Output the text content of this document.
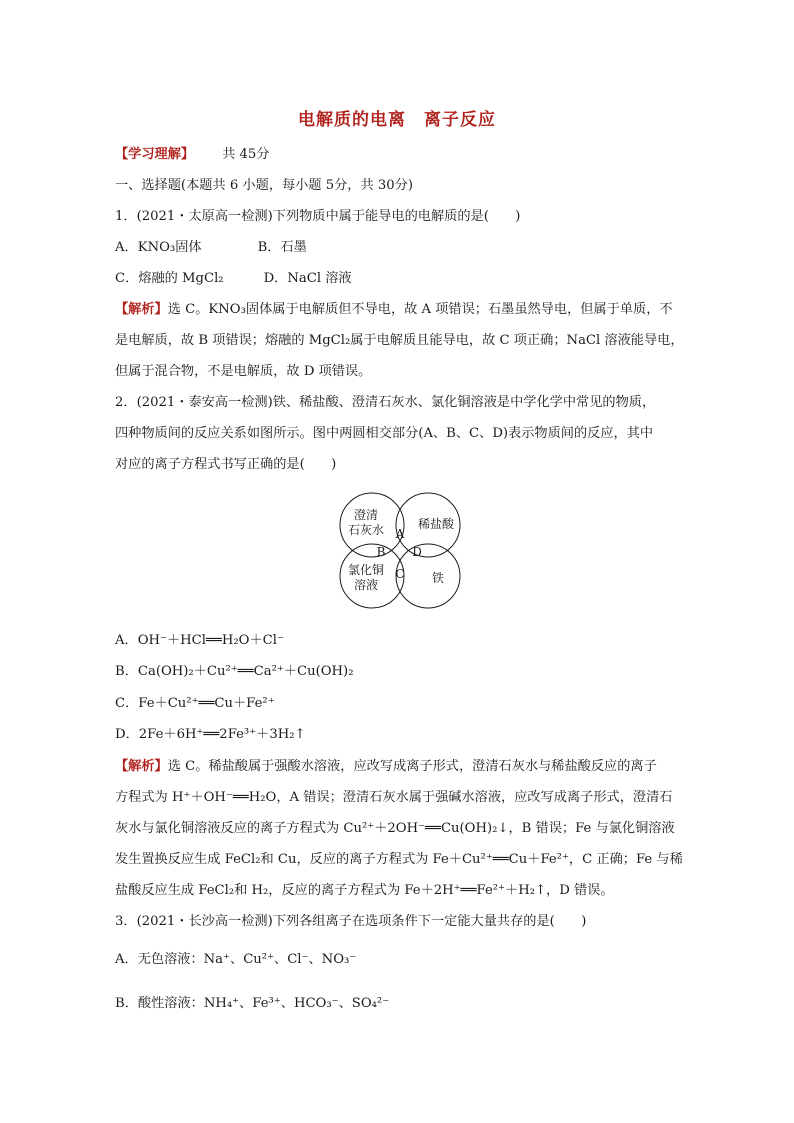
电解质的电离　离子反应
【学习理解】 共 45分
一、选择题(本题共 6 小题，每小题 5分，共 30分)
1．(2021・太原高一检测)下列物质中属于能导电的电解质的是(　　)
A．KNO₃固体	B．石墨
C．熔融的 MgCl₂	D．NaCl 溶液
【解析】选 C。KNO₃固体属于电解质但不导电，故 A 项错误；石墨虽然导电，但属于单质，不
是电解质，故 B 项错误；熔融的 MgCl₂属于电解质且能导电，故 C 项正确；NaCl 溶液能导电，
但属于混合物，不是电解质，故 D 项错误。
2．(2021・泰安高一检测)铁、稀盐酸、澄清石灰水、氯化铜溶液是中学化学中常见的物质，
四种物质间的反应关系如图所示。图中两圆相交部分(A、B、C、D)表示物质间的反应，其中
对应的离子方程式书写正确的是(　　)
澄清
石灰水	稀盐酸
氯化铜
溶液	铁
A
B D
C
A．OH⁻＋HCl══H₂O＋Cl⁻
B．Ca(OH)₂＋Cu²⁺══Ca²⁺＋Cu(OH)₂
C．Fe＋Cu²⁺══Cu＋Fe²⁺
D．2Fe＋6H⁺══2Fe³⁺＋3H₂↑
【解析】选 C。稀盐酸属于强酸水溶液，应改写成离子形式，澄清石灰水与稀盐酸反应的离子
方程式为 H⁺＋OH⁻══H₂O，A 错误；澄清石灰水属于强碱水溶液，应改写成离子形式，澄清石
灰水与氯化铜溶液反应的离子方程式为 Cu²⁺＋2OH⁻══Cu(OH)₂↓，B 错误；Fe 与氯化铜溶液
发生置换反应生成 FeCl₂和 Cu，反应的离子方程式为 Fe＋Cu²⁺══Cu＋Fe²⁺，C 正确；Fe 与稀
盐酸反应生成 FeCl₂和 H₂，反应的离子方程式为 Fe＋2H⁺══Fe²⁺＋H₂↑，D 错误。
3．(2021・长沙高一检测)下列各组离子在选项条件下一定能大量共存的是(　　)
A．无色溶液：Na⁺、Cu²⁺、Cl⁻、NO₃⁻
B．酸性溶液：NH₄⁺、Fe³⁺、HCO₃⁻、SO₄²⁻
